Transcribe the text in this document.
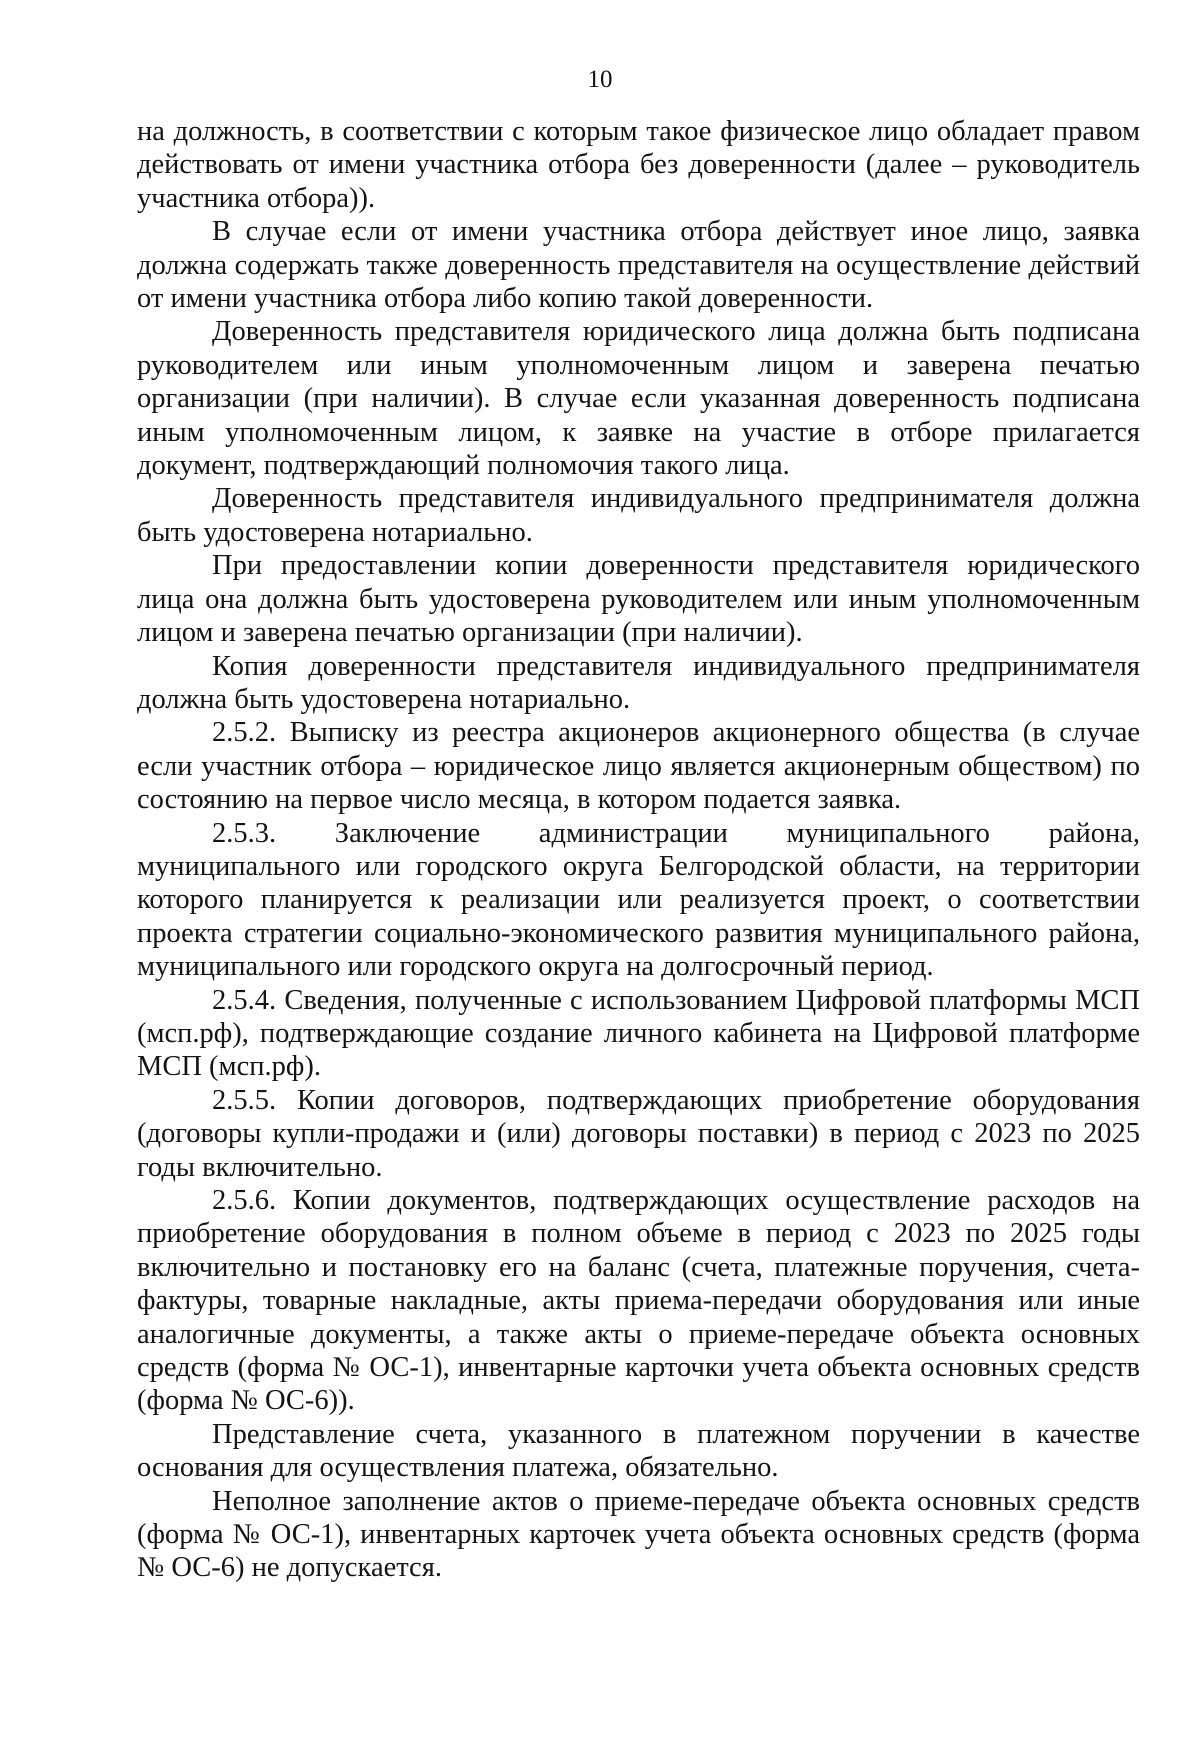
10

на должность, в соответствии с которым такое физическое лицо обладает правом действовать от имени участника отбора без доверенности (далее – руководитель участника отбора)).

В случае если от имени участника отбора действует иное лицо, заявка должна содержать также доверенность представителя на осуществление действий от имени участника отбора либо копию такой доверенности.

Доверенность представителя юридического лица должна быть подписана руководителем или иным уполномоченным лицом и заверена печатью организации (при наличии). В случае если указанная доверенность подписана иным уполномоченным лицом, к заявке на участие в отборе прилагается документ, подтверждающий полномочия такого лица.

Доверенность представителя индивидуального предпринимателя должна быть удостоверена нотариально.

При предоставлении копии доверенности представителя юридического лица она должна быть удостоверена руководителем или иным уполномоченным лицом и заверена печатью организации (при наличии).

Копия доверенности представителя индивидуального предпринимателя должна быть удостоверена нотариально.

2.5.2. Выписку из реестра акционеров акционерного общества (в случае если участник отбора – юридическое лицо является акционерным обществом) по состоянию на первое число месяца, в котором подается заявка.

2.5.3. Заключение администрации муниципального района, муниципального или городского округа Белгородской области, на территории которого планируется к реализации или реализуется проект, о соответствии проекта стратегии социально-экономического развития муниципального района, муниципального или городского округа на долгосрочный период.

2.5.4. Сведения, полученные с использованием Цифровой платформы МСП (мсп.рф), подтверждающие создание личного кабинета на Цифровой платформе МСП (мсп.рф).

2.5.5. Копии договоров, подтверждающих приобретение оборудования (договоры купли-продажи и (или) договоры поставки) в период с 2023 по 2025 годы включительно.

2.5.6. Копии документов, подтверждающих осуществление расходов на приобретение оборудования в полном объеме в период с 2023 по 2025 годы включительно и постановку его на баланс (счета, платежные поручения, счета-фактуры, товарные накладные, акты приема-передачи оборудования или иные аналогичные документы, а также акты о приеме-передаче объекта основных средств (форма № ОС-1), инвентарные карточки учета объекта основных средств (форма № ОС-6)).

Представление счета, указанного в платежном поручении в качестве основания для осуществления платежа, обязательно.

Неполное заполнение актов о приеме-передаче объекта основных средств (форма № ОС-1), инвентарных карточек учета объекта основных средств (форма № ОС-6) не допускается.
